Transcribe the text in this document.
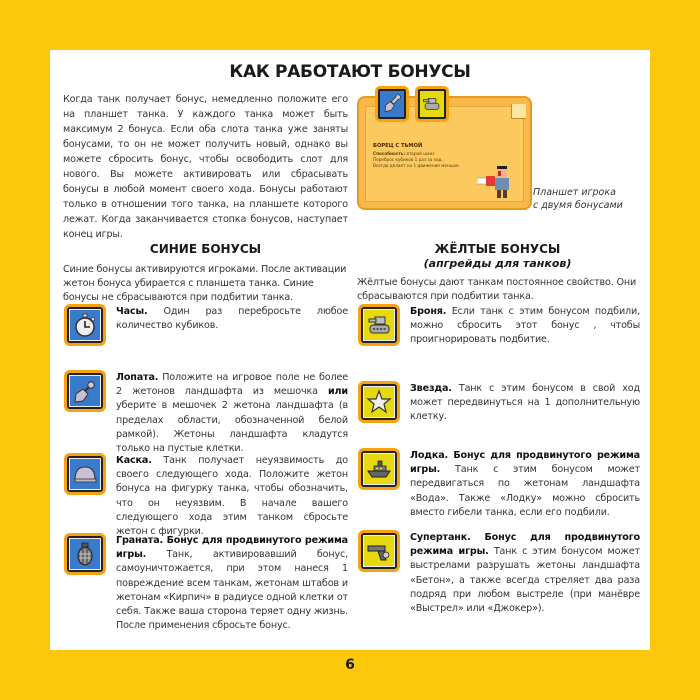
КАК РАБОТАЮТ БОНУСЫ
Когда танк получает бонус, немедленно положите его на планшет танка. У каждого танка может быть максимум 2 бонуса. Если оба слота танка уже заняты бонусами, то он не может получить новый, однако вы можете сбросить бонус, чтобы освободить слот для нового. Вы можете активировать или сбрасывать бонусы в любой момент своего хода. Бонусы работают только в отношении того танка, на планшете которого лежат. Когда заканчивается стопка бонусов, наступает конец игры.
БОРЕЦ С ТЬМОЙ
Способность: второй шанс
Переброс кубиков 1 раз за ход.
Всегда делает на 1 движение меньше.
Планшет игрока
с двумя бонусами
СИНИЕ БОНУСЫ
Синие бонусы активируются игроками. После активации жетон бонуса убирается с планшета танка. Синие бонусы не сбрасываются при подбитии танка.
Часы. Один раз перебросьте любое количество кубиков.
Лопата. Положите на игровое поле не более 2 жетонов ландшафта из мешочка или уберите в мешочек 2 жетона ландшафта (в пределах области, обозначенной белой рамкой). Жетоны ландшафта кладутся только на пустые клетки.
Каска. Танк получает неуязвимость до своего следующего хода. Положите жетон бонуса на фигурку танка, чтобы обозначить, что он неуязвим. В начале вашего следующего хода этим танком сбросьте жетон с фигурки.
Граната. Бонус для продвинутого режима игры. Танк, активировавший бонус, самоуничтожается, при этом нанеся 1 повреждение всем танкам, жетонам штабов и жетонам «Кирпич» в радиусе одной клетки от себя. Также ваша сторона теряет одну жизнь. После применения сбросьте бонус.
ЖЁЛТЫЕ БОНУСЫ
(апгрейды для танков)
Жёлтые бонусы дают танкам постоянное свойство. Они сбрасываются при подбитии танка.
Броня. Если танк с этим бонусом подбили, можно сбросить этот бонус , чтобы проигнорировать подбитие.
Звезда. Танк с этим бонусом в свой ход может передвинуться на 1 дополнительную клетку.
Лодка. Бонус для продвинутого режима игры. Танк с этим бонусом может передвигаться по жетонам ландшафта «Вода». Также «Лодку» можно сбросить вместо гибели танка, если его подбили.
Супертанк. Бонус для продвинутого режима игры. Танк с этим бонусом может выстрелами разрушать жетоны ландшафта «Бетон», а также всегда стреляет два раза подряд при любом выстреле (при манёвре «Выстрел» или «Джокер»).
6
